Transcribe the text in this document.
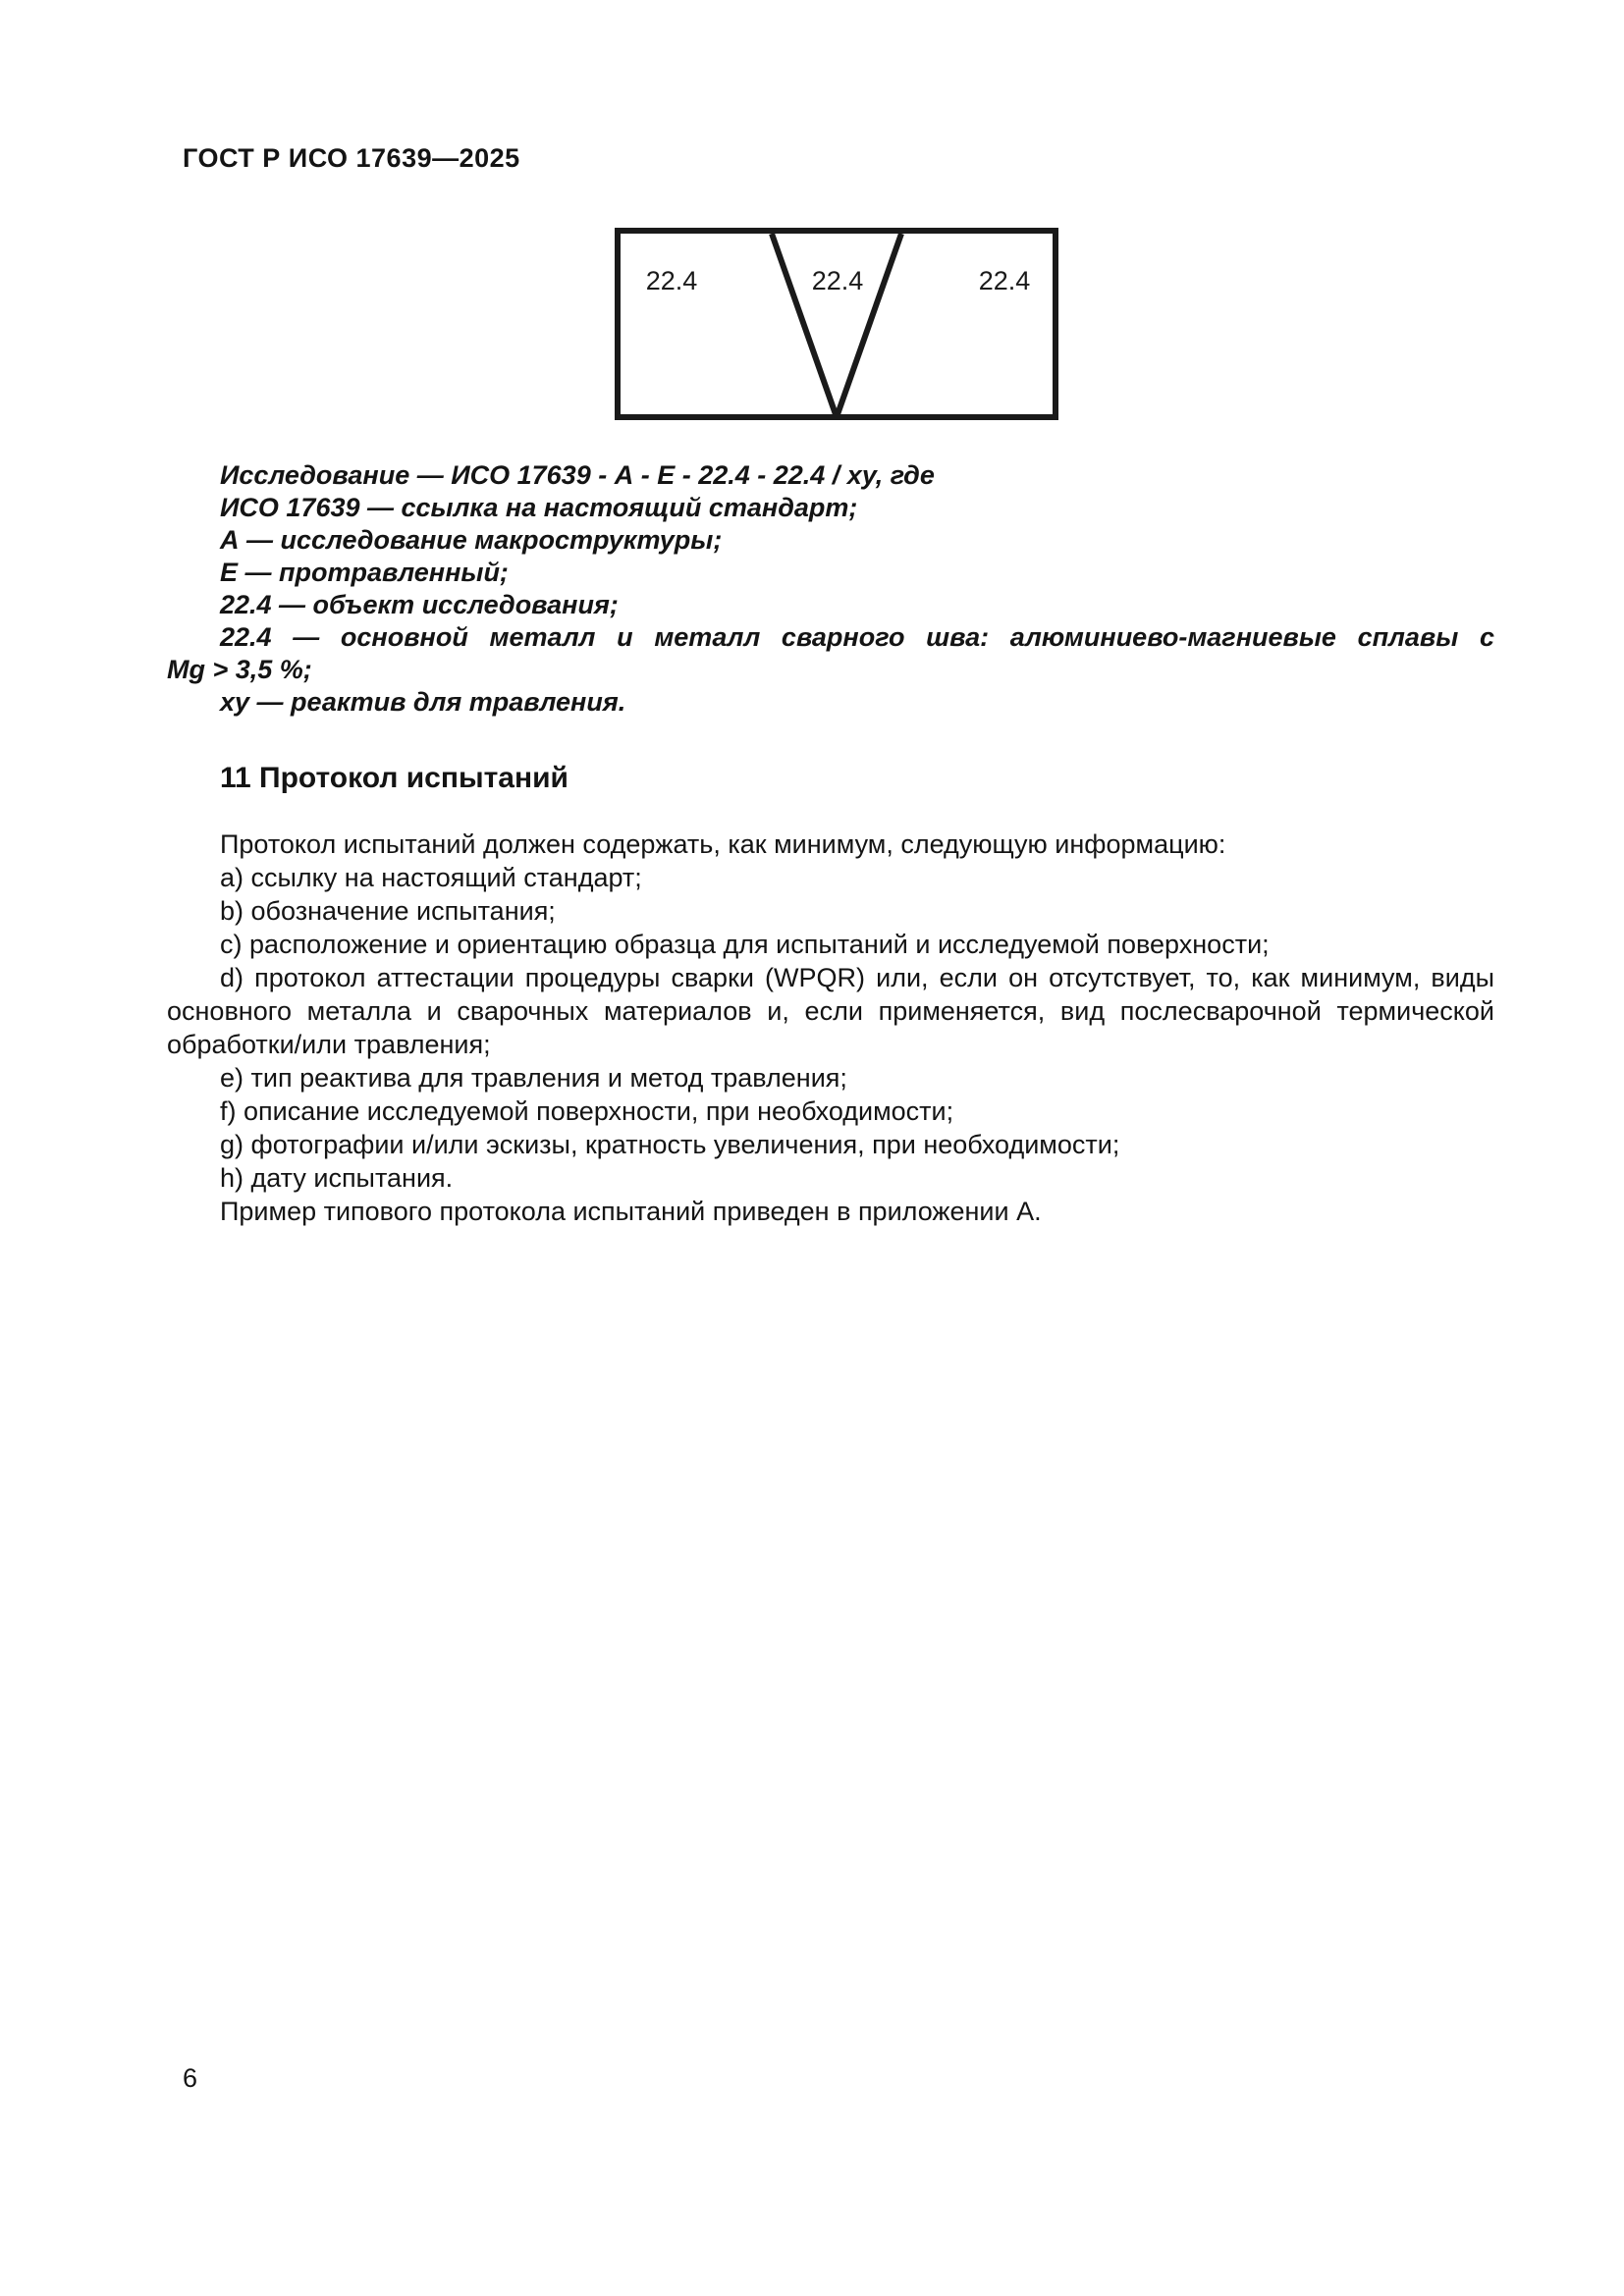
ГОСТ Р ИСО 17639—2025
22.4	22.4	22.4
Исследование — ИСО 17639 - А - Е - 22.4 - 22.4 / ху, где
ИСО 17639 — ссылка на настоящий стандарт;
А — исследование макроструктуры;
Е — протравленный;
22.4 — объект исследования;
22.4 — основной металл и металл сварного шва: алюминиево-магниевые сплавы с
Mg > 3,5 %;
ху — реактив для травления.
11 Протокол испытаний
Протокол испытаний должен содержать, как минимум, следующую информацию:
a) ссылку на настоящий стандарт;
b) обозначение испытания;
c) расположение и ориентацию образца для испытаний и исследуемой поверхности;
d) протокол аттестации процедуры сварки (WPQR) или, если он отсутствует, то, как минимум, виды
основного металла и сварочных материалов и, если применяется, вид послесварочной термической
обработки/или травления;
e) тип реактива для травления и метод травления;
f) описание исследуемой поверхности, при необходимости;
g) фотографии и/или эскизы, кратность увеличения, при необходимости;
h) дату испытания.
Пример типового протокола испытаний приведен в приложении А.
6
